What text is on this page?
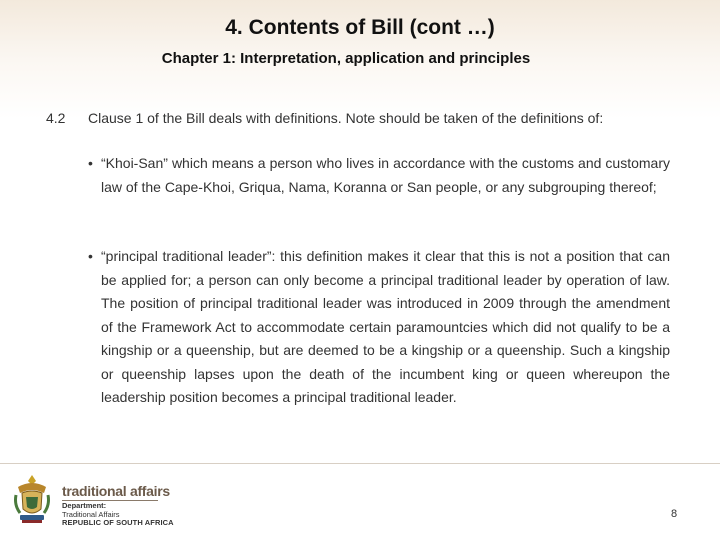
4. Contents of Bill (cont …)
Chapter 1: Interpretation, application and principles
4.2 Clause 1 of the Bill deals with definitions. Note should be taken of the definitions of:
• “Khoi-San” which means a person who lives in accordance with the customs and customary law of the Cape-Khoi, Griqua, Nama, Koranna or San people, or any subgrouping thereof;
• “principal traditional leader”: this definition makes it clear that this is not a position that can be applied for; a person can only become a principal traditional leader by operation of law. The position of principal traditional leader was introduced in 2009 through the amendment of the Framework Act to accommodate certain paramountcies which did not qualify to be a kingship or a queenship, but are deemed to be a kingship or a queenship. Such a kingship or queenship lapses upon the death of the incumbent king or queen whereupon the leadership position becomes a principal traditional leader.
traditional affairs
Department:
Traditional Affairs
REPUBLIC OF SOUTH AFRICA
8
